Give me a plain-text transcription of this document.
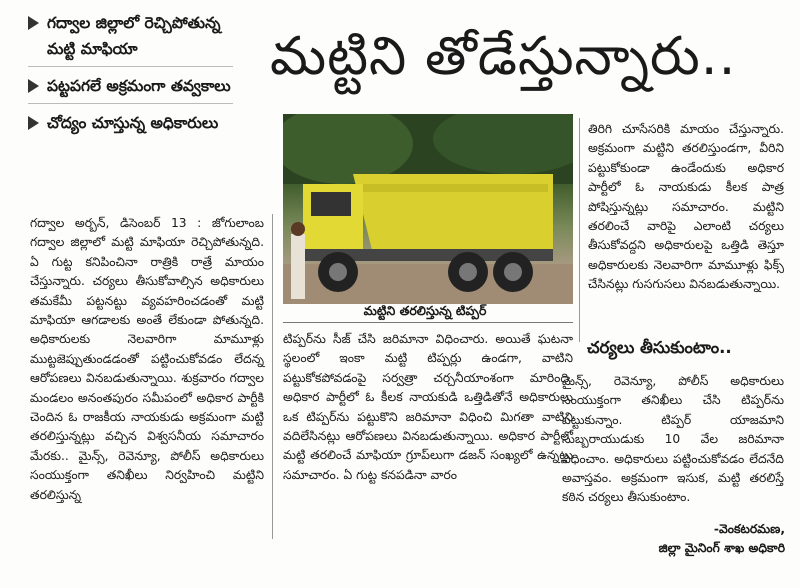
గద్వాల జిల్లాలో రెచ్చిపోతున్న మట్టి మాఫియా
పట్టపగలే అక్రమంగా తవ్వకాలు
చోద్యం చూస్తున్న అధికారులు
మట్టిని తోడేస్తున్నారు..
మట్టిని తరలిస్తున్న టిప్పర్

గద్వాల అర్బన్, డిసెంబర్ 13 : జోగులాంబ గద్వాల జిల్లాలో మట్టి మాఫియా రెచ్చిపోతున్నది. ఏ గుట్ట కనిపించినా రాత్రికి రాత్రే మాయం చేస్తున్నారు. చర్యలు తీసుకోవాల్సిన అధికారులు తమకేమీ పట్టనట్టు వ్యవహరించడంతో మట్టి మాఫియా ఆగడాలకు అంతే లేకుండా పోతున్నది. అధికారులకు నెలవారిగా మామూళ్లు ముట్టజెప్పుతుండడంతో పట్టించుకోవడం లేదన్న ఆరోపణలు వినబడుతున్నాయి. శుక్రవారం గద్వాల మండలం అనంతపురం సమీపంలో అధికార పార్టీకి చెందిన ఓ రాజకీయ నాయకుడు అక్రమంగా మట్టి తరలిస్తున్నట్లు వచ్చిన విశ్వసనీయ సమాచారం మేరకు.. మైన్స్, రెవెన్యూ, పోలీస్ అధికారులు సంయుక్తంగా తనిఖీలు నిర్వహించి మట్టిని తరలిస్తున్న

టిప్పర్‌ను సీజ్ చేసి జరిమానా విధించారు. అయితే ఘటనా స్థలంలో ఇంకా మట్టి టిప్పర్లు ఉండగా, వాటిని పట్టుకోకపోవడంపై సర్వత్రా చర్చనీయాంశంగా మారింది. అధికార పార్టీలో ఓ కీలక నాయకుడి ఒత్తిడితోనే అధికారులు ఒక టిప్పర్‌ను పట్టుకొని జరిమానా విధించి మిగతా వాటిని వదిలేసినట్లు ఆరోపణలు వినబడుతున్నాయి. అధికార పార్టీలో మట్టి తరలించే మాఫియా గ్రూప్‌లుగా డజన్ సంఖ్యలో ఉన్నట్లు సమాచారం. ఏ గుట్ట కనపడినా వారం

తిరిగి చూసేసరికి మాయం చేస్తున్నారు. అక్రమంగా మట్టిని తరలిస్తుండగా, వీరిని పట్టుకోకుండా ఉండేందుకు అధికార పార్టీలో ఓ నాయకుడు కీలక పాత్ర పోషిస్తున్నట్లు సమాచారం. మట్టిని తరలించే వారిపై ఎలాంటి చర్యలు తీసుకోవద్దని అధికారులపై ఒత్తిడి తెస్తూ అధికారులకు నెలవారిగా మామూళ్లు ఫిక్స్ చేసినట్లు గుసగుసలు వినబడుతున్నాయి.

చర్యలు తీసుకుంటాం..

మైన్స్, రెవెన్యూ, పోలీస్ అధికారులు సంయుక్తంగా తనిఖీలు చేసి టిప్పర్‌ను పట్టుకున్నాం. టిప్పర్ యాజమాని సుబ్బరాయుడుకు 10 వేల జరిమానా విధించాం. అధికారులు పట్టించుకోవడం లేదనేది అవాస్తవం. అక్రమంగా ఇసుక, మట్టి తరలిస్తే కఠిన చర్యలు తీసుకుంటాం.

-వెంకటరమణ,
జిల్లా మైనింగ్ శాఖ అధికారి
